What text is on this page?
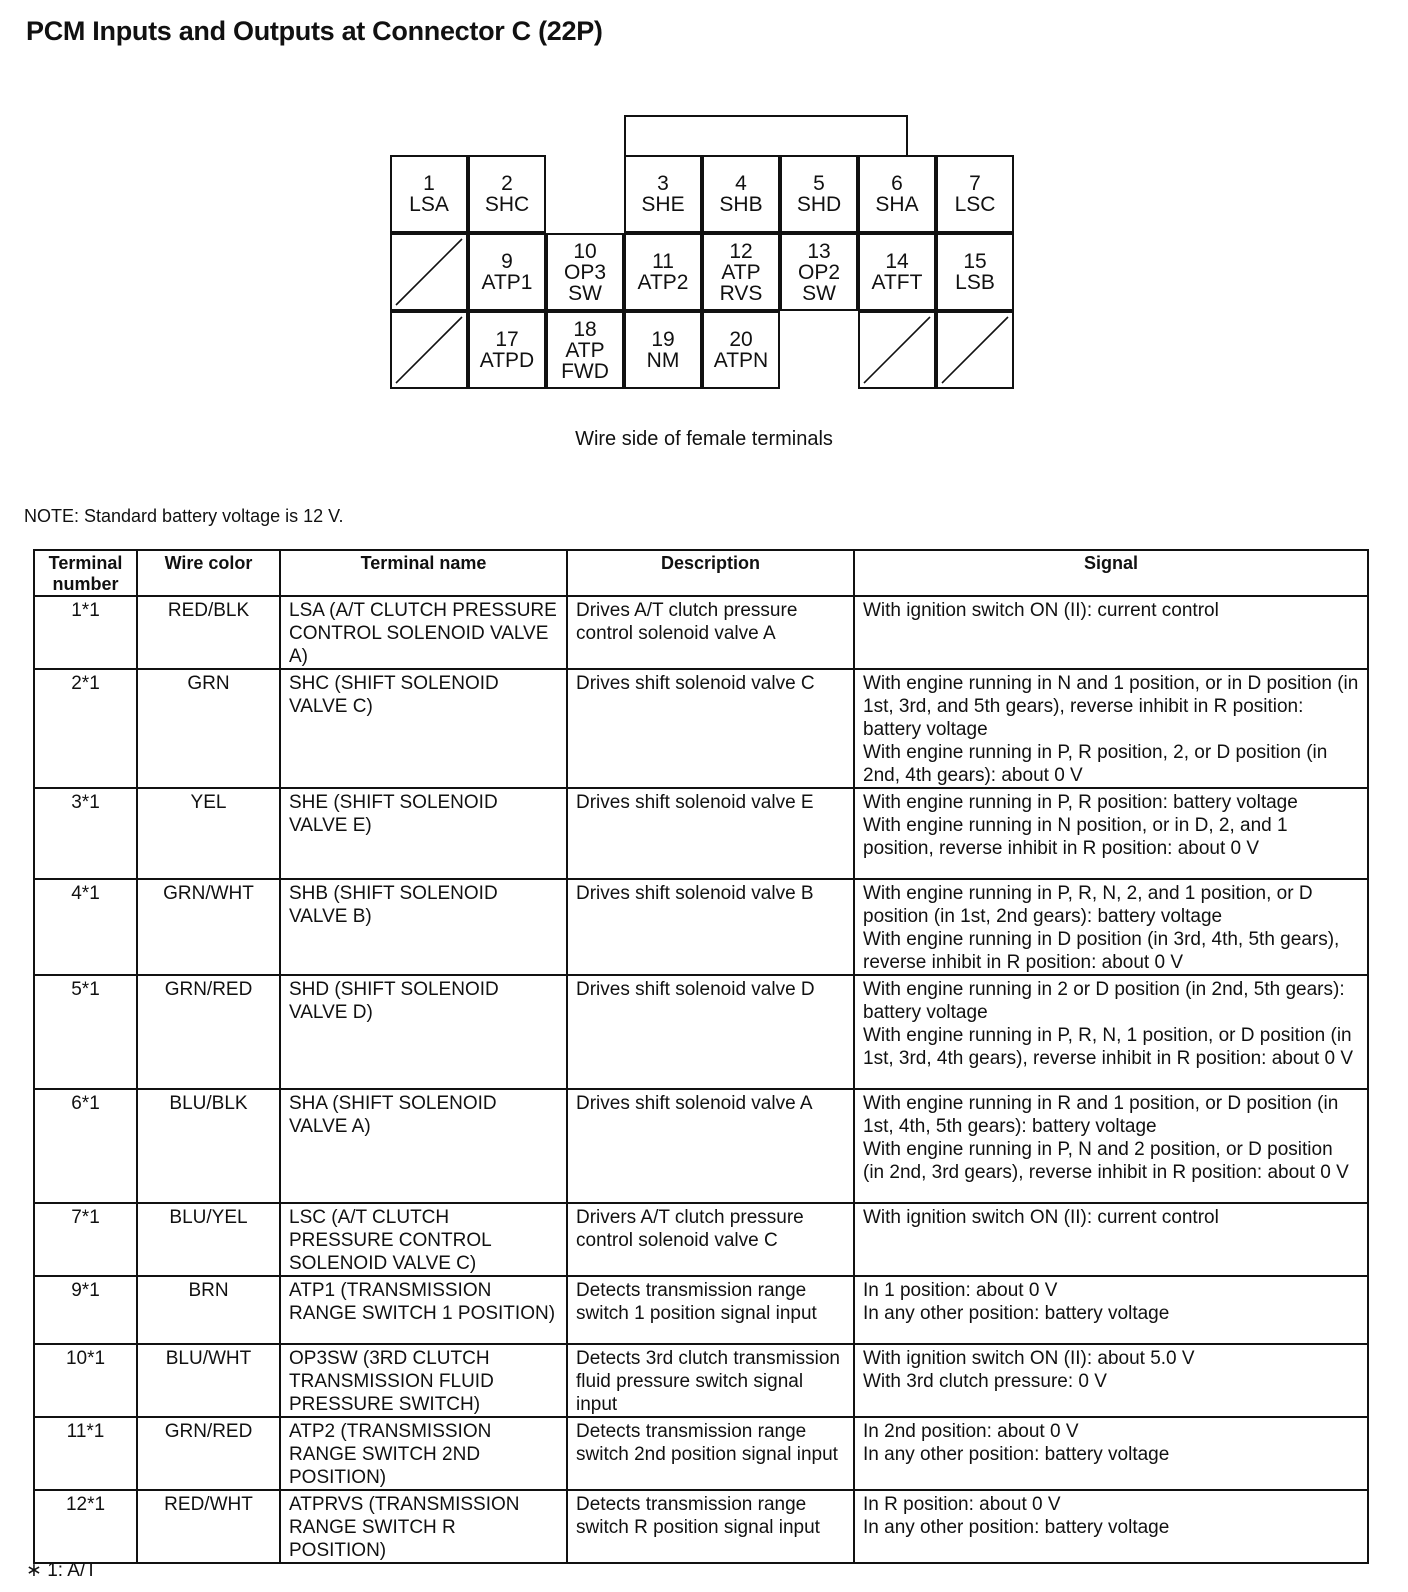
PCM Inputs and Outputs at Connector C (22P)
1
LSA
2
SHC
3
SHE
4
SHB
5
SHD
6
SHA
7
LSC
9
ATP1
10
OP3
SW
11
ATP2
12
ATP
RVS
13
OP2
SW
14
ATFT
15
LSB
17
ATPD
18
ATP
FWD
19
NM
20
ATPN
Wire side of female terminals
NOTE: Standard battery voltage is 12 V.
Terminal number	Wire color	Terminal name	Description	Signal
1*1	RED/BLK	LSA (A/T CLUTCH PRESSURE CONTROL SOLENOID VALVE A)	Drives A/T clutch pressure control solenoid valve A	With ignition switch ON (II): current control
2*1	GRN	SHC (SHIFT SOLENOID VALVE C)	Drives shift solenoid valve C	With engine running in N and 1 position, or in D position (in 1st, 3rd, and 5th gears), reverse inhibit in R position: battery voltage
With engine running in P, R position, 2, or D position (in 2nd, 4th gears): about 0 V
3*1	YEL	SHE (SHIFT SOLENOID VALVE E)	Drives shift solenoid valve E	With engine running in P, R position: battery voltage
With engine running in N position, or in D, 2, and 1 position, reverse inhibit in R position: about 0 V
4*1	GRN/WHT	SHB (SHIFT SOLENOID VALVE B)	Drives shift solenoid valve B	With engine running in P, R, N, 2, and 1 position, or D position (in 1st, 2nd gears): battery voltage
With engine running in D position (in 3rd, 4th, 5th gears), reverse inhibit in R position: about 0 V
5*1	GRN/RED	SHD (SHIFT SOLENOID VALVE D)	Drives shift solenoid valve D	With engine running in 2 or D position (in 2nd, 5th gears): battery voltage
With engine running in P, R, N, 1 position, or D position (in 1st, 3rd, 4th gears), reverse inhibit in R position: about 0 V
6*1	BLU/BLK	SHA (SHIFT SOLENOID VALVE A)	Drives shift solenoid valve A	With engine running in R and 1 position, or D position (in 1st, 4th, 5th gears): battery voltage
With engine running in P, N and 2 position, or D position (in 2nd, 3rd gears), reverse inhibit in R position: about 0 V
7*1	BLU/YEL	LSC (A/T CLUTCH PRESSURE CONTROL SOLENOID VALVE C)	Drivers A/T clutch pressure control solenoid valve C	With ignition switch ON (II): current control
9*1	BRN	ATP1 (TRANSMISSION RANGE SWITCH 1 POSITION)	Detects transmission range switch 1 position signal input	In 1 position: about 0 V
In any other position: battery voltage
10*1	BLU/WHT	OP3SW (3RD CLUTCH TRANSMISSION FLUID PRESSURE SWITCH)	Detects 3rd clutch transmission fluid pressure switch signal input	With ignition switch ON (II): about 5.0 V
With 3rd clutch pressure: 0 V
11*1	GRN/RED	ATP2 (TRANSMISSION RANGE SWITCH 2ND POSITION)	Detects transmission range switch 2nd position signal input	In 2nd position: about 0 V
In any other position: battery voltage
12*1	RED/WHT	ATPRVS (TRANSMISSION RANGE SWITCH R POSITION)	Detects transmission range switch R position signal input	In R position: about 0 V
In any other position: battery voltage
∗ 1: A/T
